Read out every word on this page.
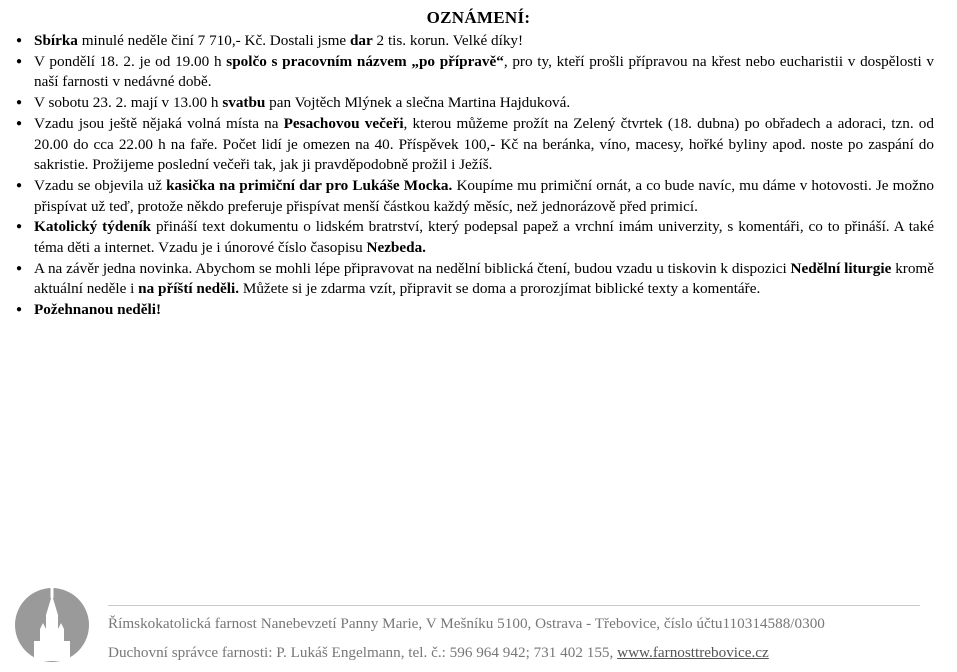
OZNÁMENÍ:
● Sbírka minulé neděle činí 7 710,- Kč. Dostali jsme dar 2 tis. korun. Velké díky!
● V pondělí 18. 2. je od 19.00 h spolčo s pracovním názvem „po přípravě“, pro ty, kteří prošli přípravou na křest nebo eucharistii v dospělosti v naší farnosti v nedávné době.
● V sobotu 23. 2. mají v 13.00 h svatbu pan Vojtěch Mlýnek a slečna Martina Hajduková.
● Vzadu jsou ještě nějaká volná místa na Pesachovou večeři, kterou můžeme prožít na Zelený čtvrtek (18. dubna) po obřadech a adoraci, tzn. od 20.00 do cca 22.00 h na faře. Počet lidí je omezen na 40. Příspěvek 100,- Kč na beránka, víno, macesy, hořké byliny apod. noste po zaspání do sakristie. Prožijeme poslední večeři tak, jak ji pravděpodobně prožil i Ježíš.
● Vzadu se objevila už kasička na primiční dar pro Lukáše Mocka. Koupíme mu primiční ornát, a co bude navíc, mu dáme v hotovosti. Je možno přispívat už teď, protože někdo preferuje přispívat menší částkou každý měsíc, než jednorázově před primicí.
● Katolický týdeník přináší text dokumentu o lidském bratrství, který podepsal papež a vrchní imám univerzity, s komentáři, co to přináší. A také téma děti a internet. Vzadu je i únorové číslo časopisu Nezbeda.
● A na závěr jedna novinka. Abychom se mohli lépe připravovat na nedělní biblická čtení, budou vzadu u tiskovin k dispozici Nedělní liturgie kromě aktuální neděle i na příští neděli. Můžete si je zdarma vzít, připravit se doma a prorozjímat biblické texty a komentáře.
● Požehnanou neděli!
Římskokatolická farnost Nanebevzetí Panny Marie, V Mešníku 5100, Ostrava - Třebovice, číslo účtu110314588/0300
Duchovní správce farnosti: P. Lukáš Engelmann, tel. č.: 596 964 942; 731 402 155, www.farnosttrebovice.cz
